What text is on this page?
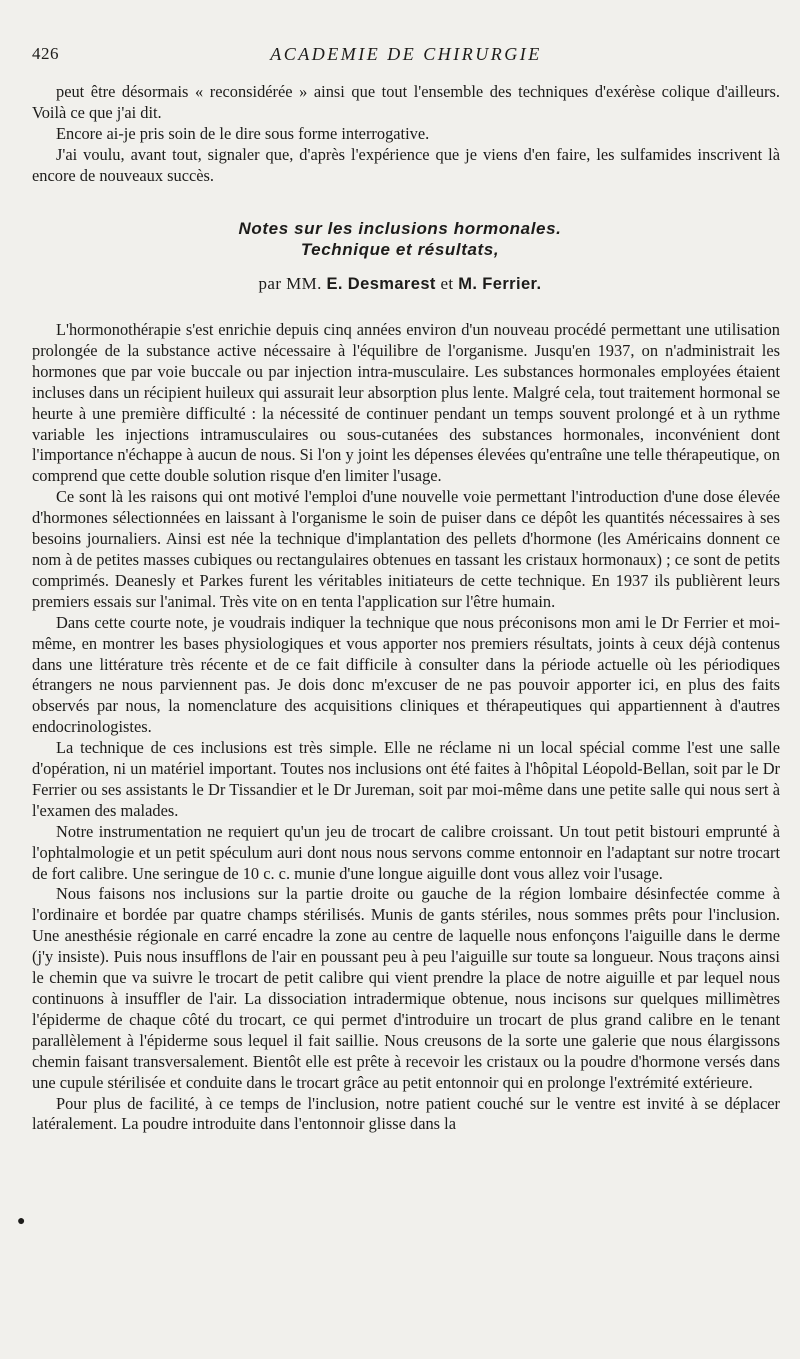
426	ACADEMIE DE CHIRURGIE

peut être désormais « reconsidérée » ainsi que tout l'ensemble des techniques d'exérèse colique d'ailleurs. Voilà ce que j'ai dit.

Encore ai-je pris soin de le dire sous forme interrogative.

J'ai voulu, avant tout, signaler que, d'après l'expérience que je viens d'en faire, les sulfamides inscrivent là encore de nouveaux succès.

Notes sur les inclusions hormonales.
Technique et résultats,
par MM. E. Desmarest et M. Ferrier.

L'hormonothérapie s'est enrichie depuis cinq années environ d'un nouveau procédé permettant une utilisation prolongée de la substance active nécessaire à l'équilibre de l'organisme. Jusqu'en 1937, on n'administrait les hormones que par voie buccale ou par injection intra-musculaire. Les substances hormonales employées étaient incluses dans un récipient huileux qui assurait leur absorption plus lente. Malgré cela, tout traitement hormonal se heurte à une première difficulté : la nécessité de continuer pendant un temps souvent prolongé et à un rythme variable les injections intramusculaires ou sous-cutanées des substances hormonales, inconvénient dont l'importance n'échappe à aucun de nous. Si l'on y joint les dépenses élevées qu'entraîne une telle thérapeutique, on comprend que cette double solution risque d'en limiter l'usage.

Ce sont là les raisons qui ont motivé l'emploi d'une nouvelle voie permettant l'introduction d'une dose élevée d'hormones sélectionnées en laissant à l'organisme le soin de puiser dans ce dépôt les quantités nécessaires à ses besoins journaliers. Ainsi est née la technique d'implantation des pellets d'hormone (les Américains donnent ce nom à de petites masses cubiques ou rectangulaires obtenues en tassant les cristaux hormonaux) ; ce sont de petits comprimés. Deanesly et Parkes furent les véritables initiateurs de cette technique. En 1937 ils publièrent leurs premiers essais sur l'animal. Très vite on en tenta l'application sur l'être humain.

Dans cette courte note, je voudrais indiquer la technique que nous préconisons mon ami le Dr Ferrier et moi-même, en montrer les bases physiologiques et vous apporter nos premiers résultats, joints à ceux déjà contenus dans une littérature très récente et de ce fait difficile à consulter dans la période actuelle où les périodiques étrangers ne nous parviennent pas. Je dois donc m'excuser de ne pas pouvoir apporter ici, en plus des faits observés par nous, la nomenclature des acquisitions cliniques et thérapeutiques qui appartiennent à d'autres endocrinologistes.

La technique de ces inclusions est très simple. Elle ne réclame ni un local spécial comme l'est une salle d'opération, ni un matériel important. Toutes nos inclusions ont été faites à l'hôpital Léopold-Bellan, soit par le Dr Ferrier ou ses assistants le Dr Tissandier et le Dr Jureman, soit par moi-même dans une petite salle qui nous sert à l'examen des malades.

Notre instrumentation ne requiert qu'un jeu de trocart de calibre croissant. Un tout petit bistouri emprunté à l'ophtalmologie et un petit spéculum auri dont nous nous servons comme entonnoir en l'adaptant sur notre trocart de fort calibre. Une seringue de 10 c. c. munie d'une longue aiguille dont vous allez voir l'usage.

Nous faisons nos inclusions sur la partie droite ou gauche de la région lombaire désinfectée comme à l'ordinaire et bordée par quatre champs stérilisés. Munis de gants stériles, nous sommes prêts pour l'inclusion. Une anesthésie régionale en carré encadre la zone au centre de laquelle nous enfonçons l'aiguille dans le derme (j'y insiste). Puis nous insufflons de l'air en poussant peu à peu l'aiguille sur toute sa longueur. Nous traçons ainsi le chemin que va suivre le trocart de petit calibre qui vient prendre la place de notre aiguille et par lequel nous continuons à insuffler de l'air. La dissociation intradermique obtenue, nous incisons sur quelques millimètres l'épiderme de chaque côté du trocart, ce qui permet d'introduire un trocart de plus grand calibre en le tenant parallèlement à l'épiderme sous lequel il fait saillie. Nous creusons de la sorte une galerie que nous élargissons chemin faisant transversalement. Bientôt elle est prête à recevoir les cristaux ou la poudre d'hormone versés dans une cupule stérilisée et conduite dans le trocart grâce au petit entonnoir qui en prolonge l'extrémité extérieure.

Pour plus de facilité, à ce temps de l'inclusion, notre patient couché sur le ventre est invité à se déplacer latéralement. La poudre introduite dans l'entonnoir glisse dans la

●
